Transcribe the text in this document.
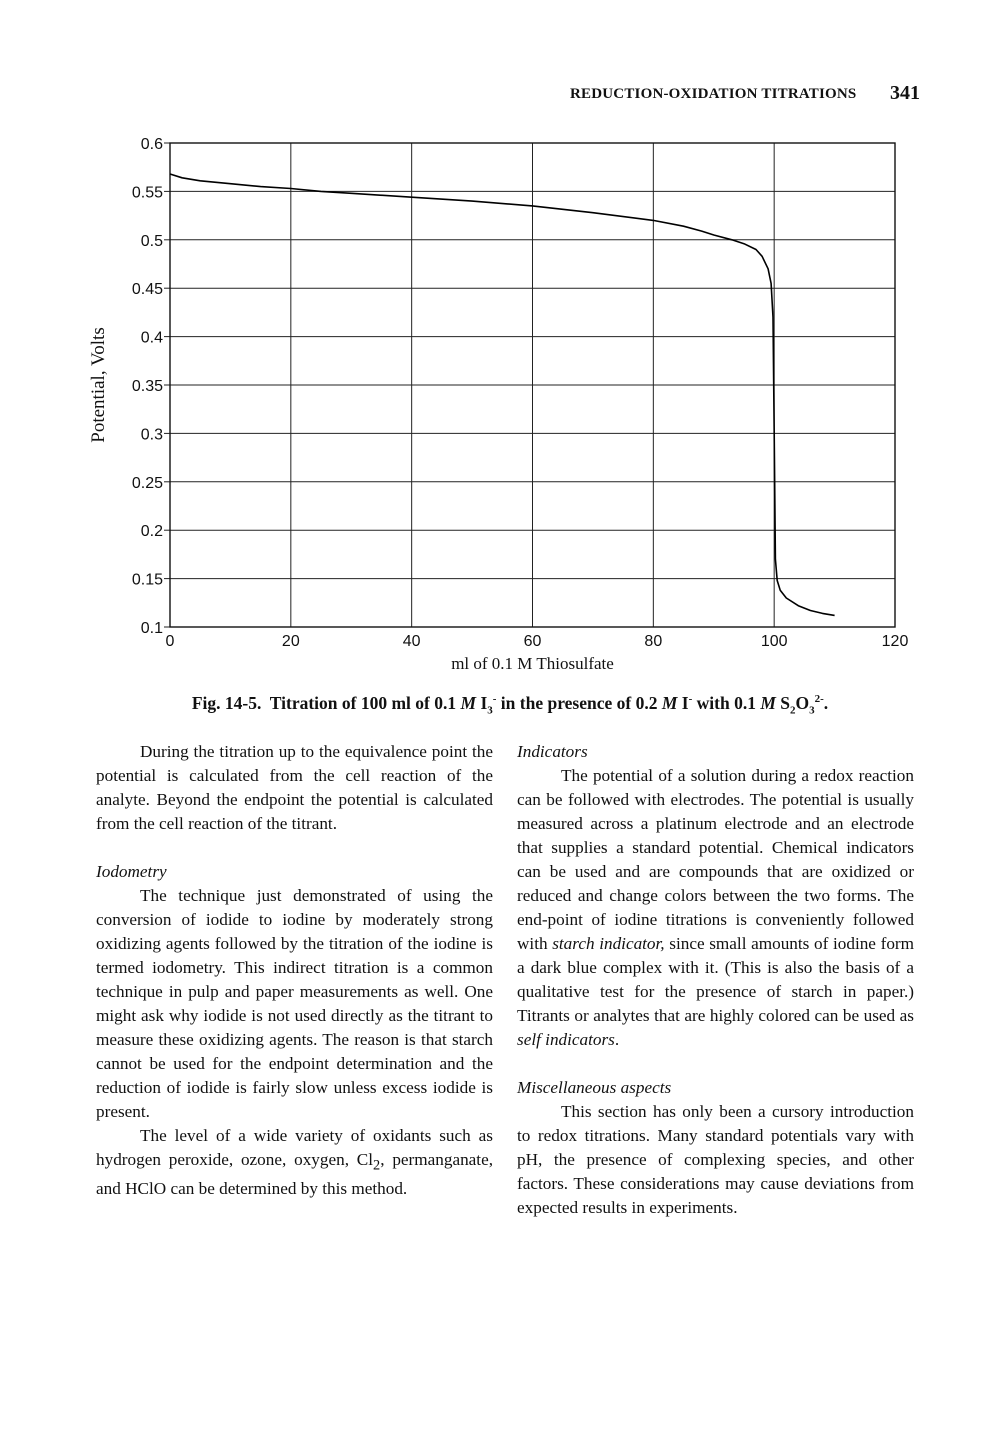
REDUCTION-OXIDATION TITRATIONS 341
0	20	40	60	80	100	120
0.1
0.15
0.2
0.25
0.3
0.35
0.4
0.45
0.5
0.55
0.6
ml of 0.1 M Thiosulfate
Potential, Volts
Fig. 14-5. Titration of 100 ml of 0.1 M $I_3^-$ in the presence of 0.2 M I- with 0.1 M $S_2O_3^{2-}$.

During the titration up to the equivalence point the potential is calculated from the cell reaction of the analyte. Beyond the endpoint the potential is calculated from the cell reaction of the titrant.

Iodometry

The technique just demonstrated of using the conversion of iodide to iodine by moderately strong oxidizing agents followed by the titration of the iodine is termed iodometry. This indirect titration is a common technique in pulp and paper measurements as well. One might ask why iodide is not used directly as the titrant to measure these oxidizing agents. The reason is that starch cannot be used for the endpoint determination and the reduction of iodide is fairly slow unless excess iodide is present.

The level of a wide variety of oxidants such as hydrogen peroxide, ozone, oxygen, $Cl_2$, permanganate, and HClO can be determined by this method.

Indicators

The potential of a solution during a redox reaction can be followed with electrodes. The potential is usually measured across a platinum electrode and an electrode that supplies a standard potential. Chemical indicators can be used and are compounds that are oxidized or reduced and change colors between the two forms. The end-point of iodine titrations is conveniently followed with starch indicator, since small amounts of iodine form a dark blue complex with it. (This is also the basis of a qualitative test for the presence of starch in paper.) Titrants or analytes that are highly colored can be used as self indicators.

Miscellaneous aspects

This section has only been a cursory introduction to redox titrations. Many standard potentials vary with pH, the presence of complexing species, and other factors. These considerations may cause deviations from expected results in experiments.
